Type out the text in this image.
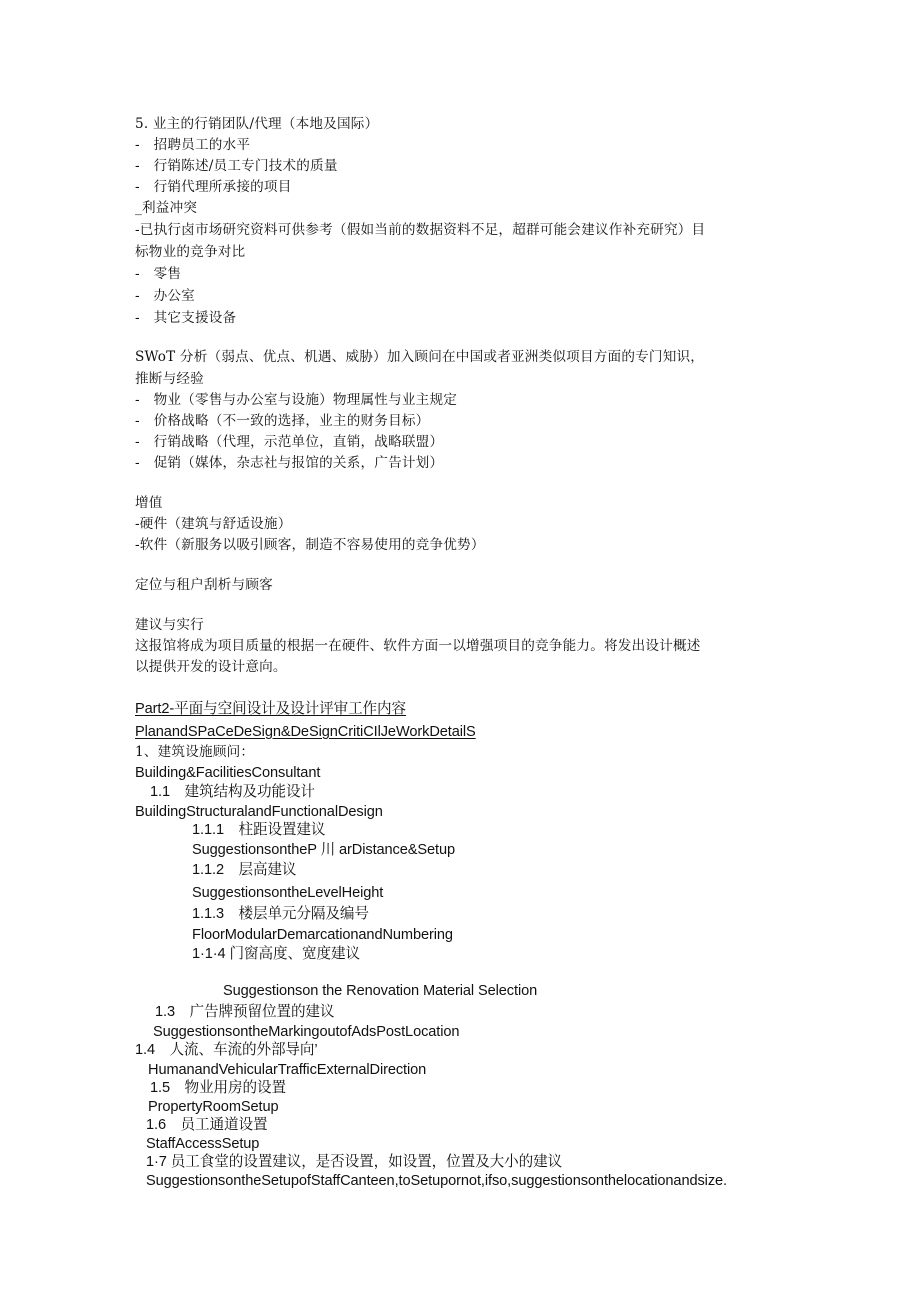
5. 业主的行销团队/代理（本地及国际）
-　招聘员工的水平
-　行销陈述/员工专门技术的质量
-　行销代理所承接的项目
_利益冲突
-已执行卤市场研究资料可供参考（假如当前的数据资料不足，超群可能会建议作补充研究）目
标物业的竞争对比
-　零售
-　办公室
-　其它支援设备
SWoT 分析（弱点、优点、机遇、威胁）加入顾问在中国或者亚洲类似项目方面的专门知识，
推断与经验
-　物业（零售与办公室与设施）物理属性与业主规定
-　价格战略（不一致的选择，业主的财务目标）
-　行销战略（代理，示范单位，直销，战略联盟）
-　促销（媒体，杂志社与报馆的关系，广告计划）
增值
-硬件（建筑与舒适设施）
-软件（新服务以吸引顾客，制造不容易使用的竞争优势）
定位与租户刮析与顾客
建议与实行
这报馆将成为项目质量的根据一在硬件、软件方面一以增强项目的竞争能力。将发出设计概述
以提供开发的设计意向。
Part2-平面与空间设计及设计评审工作内容
PlanandSPaCeDeSign&DeSignCritiCIlJeWorkDetailS
1、建筑设施顾问：
Building&FacilitiesConsultant
1.1　建筑结构及功能设计
BuildingStructuralandFunctionalDesign
1.1.1　柱距设置建议
SuggestionsontheP 川 arDistance&Setup
1.1.2　层高建议
SuggestionsontheLevelHeight
1.1.3　楼层单元分隔及编号
FloorModularDemarcationandNumbering
1·1·4 门窗高度、宽度建议
Suggestionson the Renovation Material Selection
1.3　广告牌预留位置的建议
SuggestionsontheMarkingoutofAdsPostLocation
1.4　人流、车流的外部导向’
HumanandVehicularTrafficExternalDirection
1.5　物业用房的设置
PropertyRoomSetup
1.6　员工通道设置
StaffAccessSetup
1·7 员工食堂的设置建议，是否设置，如设置，位置及大小的建议
SuggestionsontheSetupofStaffCanteen,toSetupornot,ifso,suggestionsonthelocationandsize.
